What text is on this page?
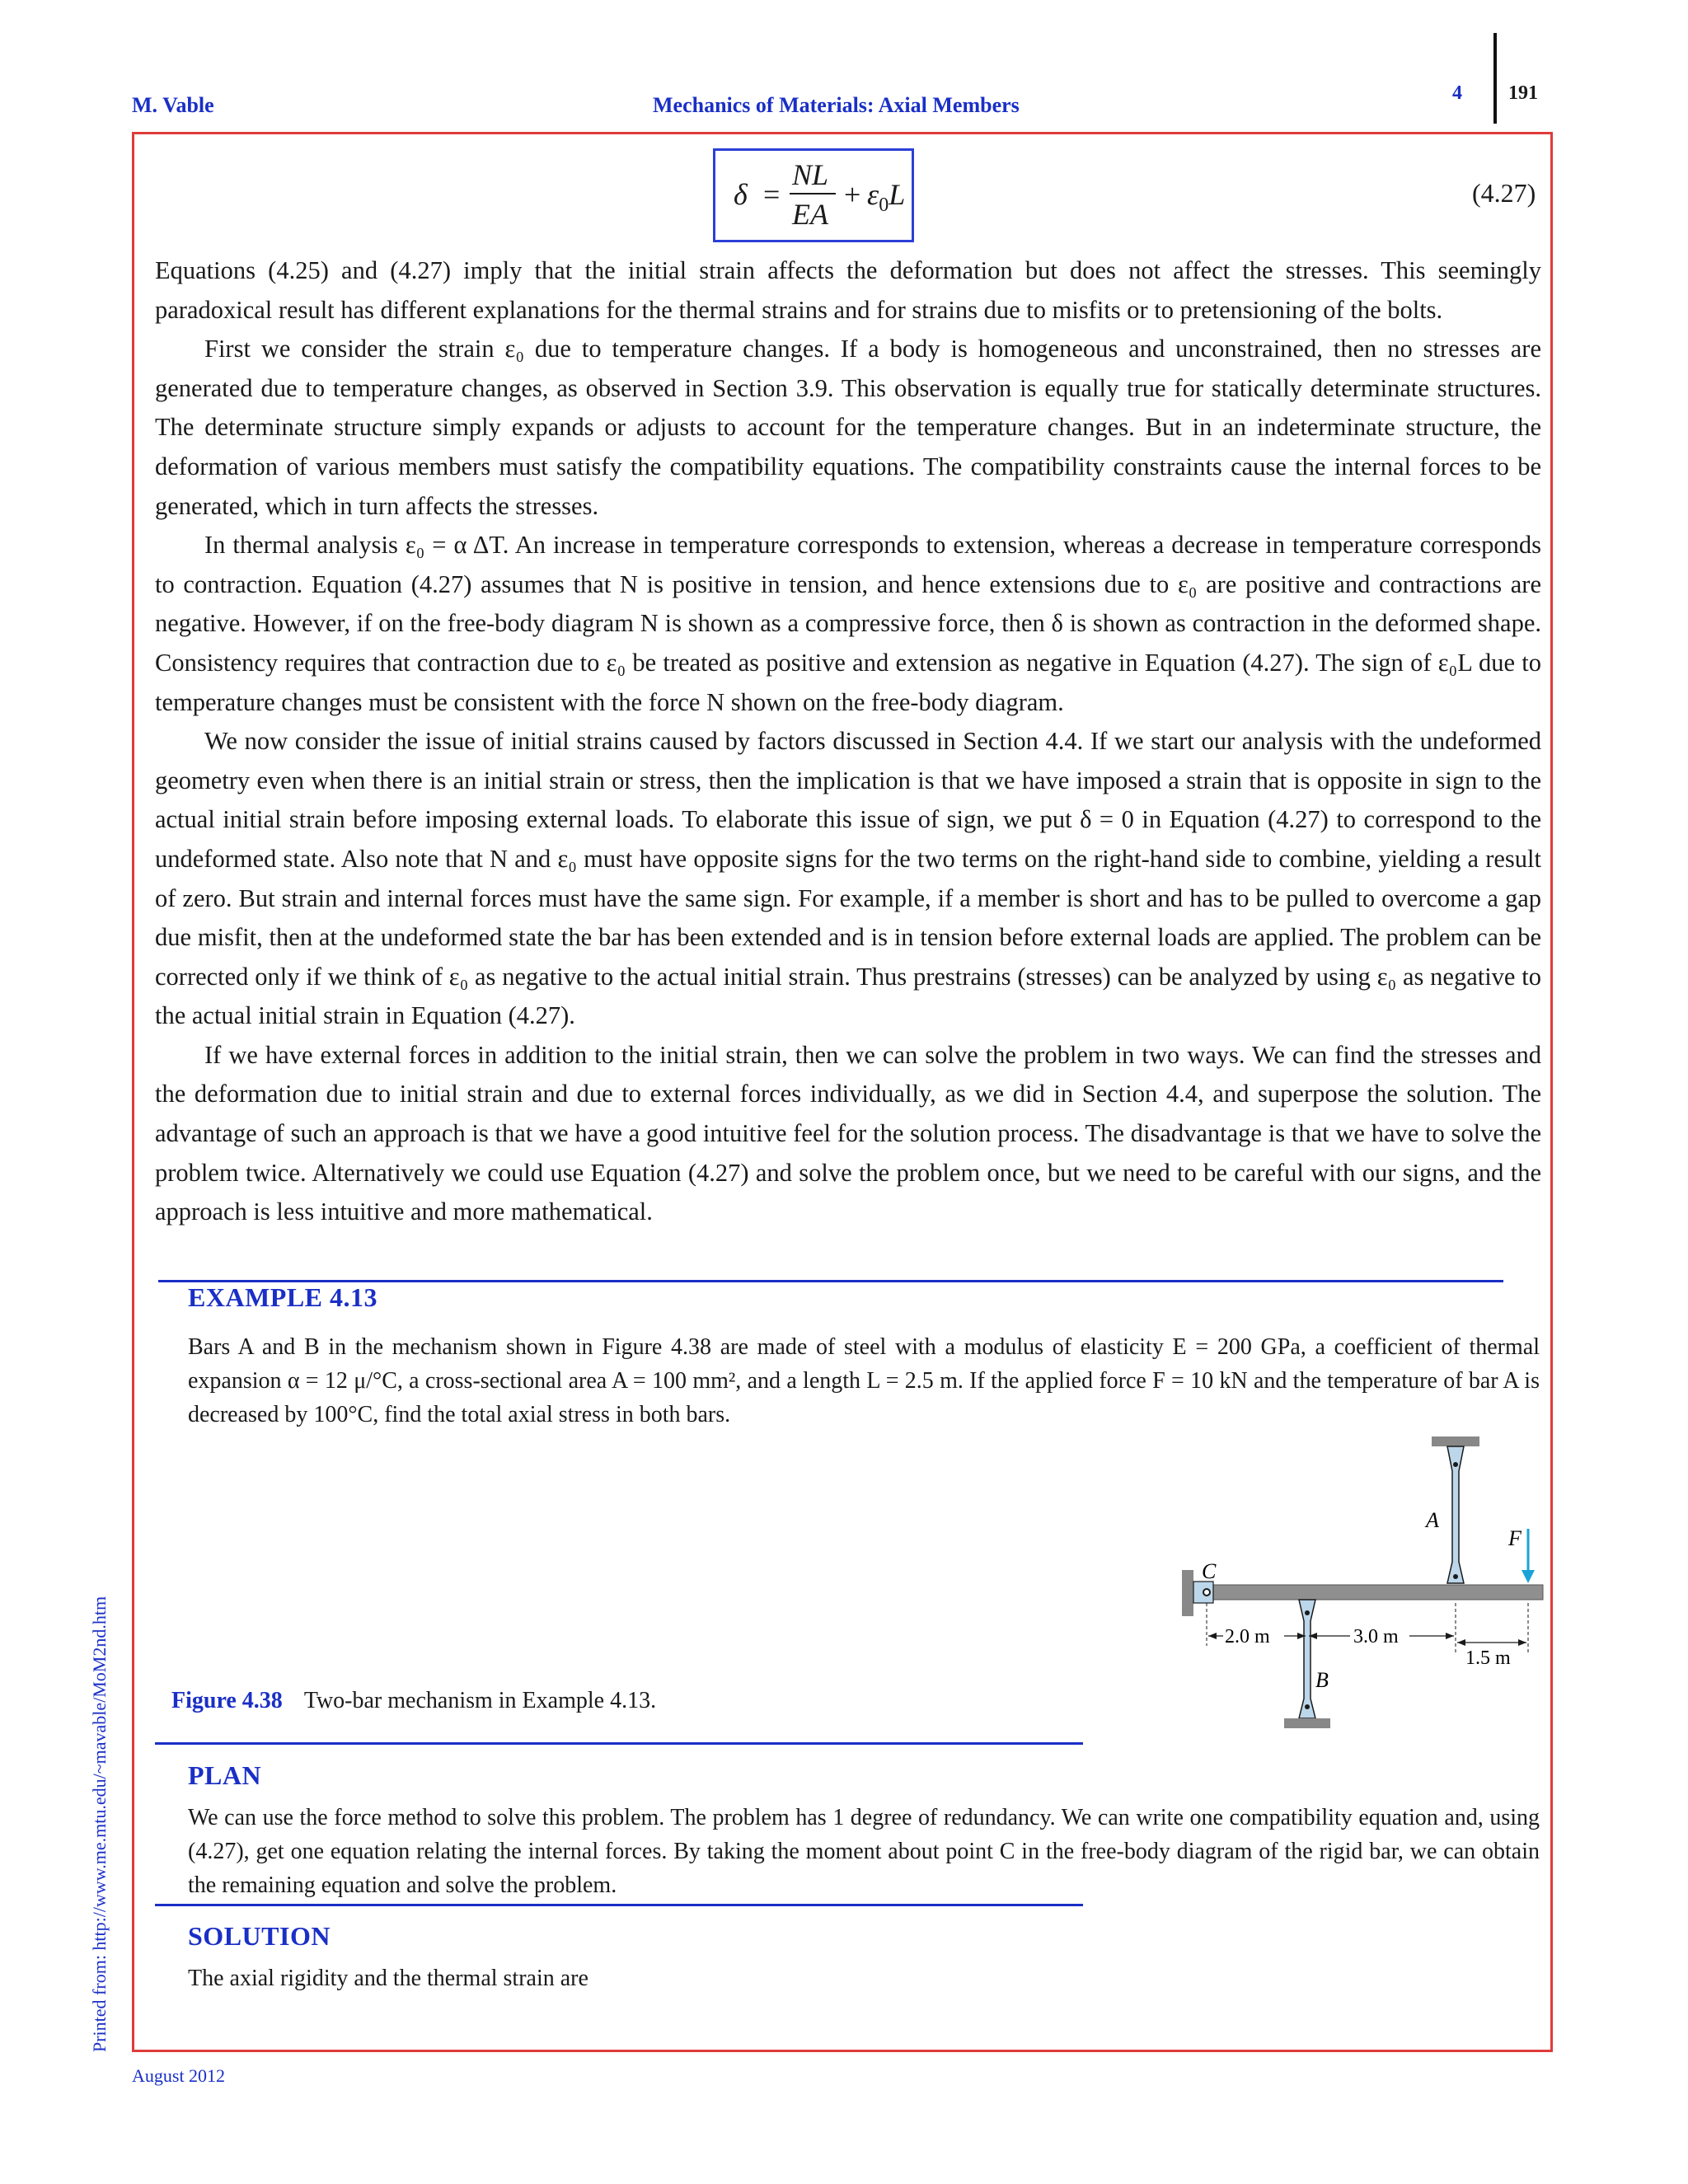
M. Vable	Mechanics of Materials: Axial Members	4 191
δ =
NL
EA
+ $\varepsilon_0L$	(4.27)

Equations (4.25) and (4.27) imply that the initial strain affects the deformation but does not affect the stresses. This seemingly paradoxical result has different explanations for the thermal strains and for strains due to misfits or to pretensioning of the bolts.

First we consider the strain ε₀ due to temperature changes. If a body is homogeneous and unconstrained, then no stresses are generated due to temperature changes, as observed in Section 3.9. This observation is equally true for statically determinate structures. The determinate structure simply expands or adjusts to account for the temperature changes. But in an indeterminate structure, the deformation of various members must satisfy the compatibility equations. The compatibility constraints cause the internal forces to be generated, which in turn affects the stresses.

In thermal analysis ε₀ = α ΔT. An increase in temperature corresponds to extension, whereas a decrease in temperature corresponds to contraction. Equation (4.27) assumes that N is positive in tension, and hence extensions due to ε₀ are positive and contractions are negative. However, if on the free-body diagram N is shown as a compressive force, then δ is shown as contraction in the deformed shape. Consistency requires that contraction due to ε₀ be treated as positive and extension as negative in Equation (4.27). The sign of ε₀L due to temperature changes must be consistent with the force N shown on the free-body diagram.

We now consider the issue of initial strains caused by factors discussed in Section 4.4. If we start our analysis with the undeformed geometry even when there is an initial strain or stress, then the implication is that we have imposed a strain that is opposite in sign to the actual initial strain before imposing external loads. To elaborate this issue of sign, we put δ = 0 in Equation (4.27) to correspond to the undeformed state. Also note that N and ε₀ must have opposite signs for the two terms on the right-hand side to combine, yielding a result of zero. But strain and internal forces must have the same sign. For example, if a member is short and has to be pulled to overcome a gap due misfit, then at the undeformed state the bar has been extended and is in tension before external loads are applied. The problem can be corrected only if we think of ε₀ as negative to the actual initial strain. Thus prestrains (stresses) can be analyzed by using ε₀ as negative to the actual initial strain in Equation (4.27).

If we have external forces in addition to the initial strain, then we can solve the problem in two ways. We can find the stresses and the deformation due to initial strain and due to external forces individually, as we did in Section 4.4, and superpose the solution. The advantage of such an approach is that we have a good intuitive feel for the solution process. The disadvantage is that we have to solve the problem twice. Alternatively we could use Equation (4.27) and solve the problem once, but we need to be careful with our signs, and the approach is less intuitive and more mathematical.

EXAMPLE 4.13

Bars A and B in the mechanism shown in Figure 4.38 are made of steel with a modulus of elasticity E = 200 GPa, a coefficient of thermal expansion α = 12 μ/°C, a cross-sectional area A = 100 mm², and a length L = 2.5 m. If the applied force F = 10 kN and the temperature of bar A is decreased by 100°C, find the total axial stress in both bars.

A
F
C
B
2.0 m	3.0 m
1.5 m
Figure 4.38 Two-bar mechanism in Example 4.13.
PLAN

We can use the force method to solve this problem. The problem has 1 degree of redundancy. We can write one compatibility equation and, using (4.27), get one equation relating the internal forces. By taking the moment about point C in the free-body diagram of the rigid bar, we can obtain the remaining equation and solve the problem.

SOLUTION

The axial rigidity and the thermal strain are

Printed from: http://www.me.mtu.edu/~mavable/MoM2nd.htm
August 2012
